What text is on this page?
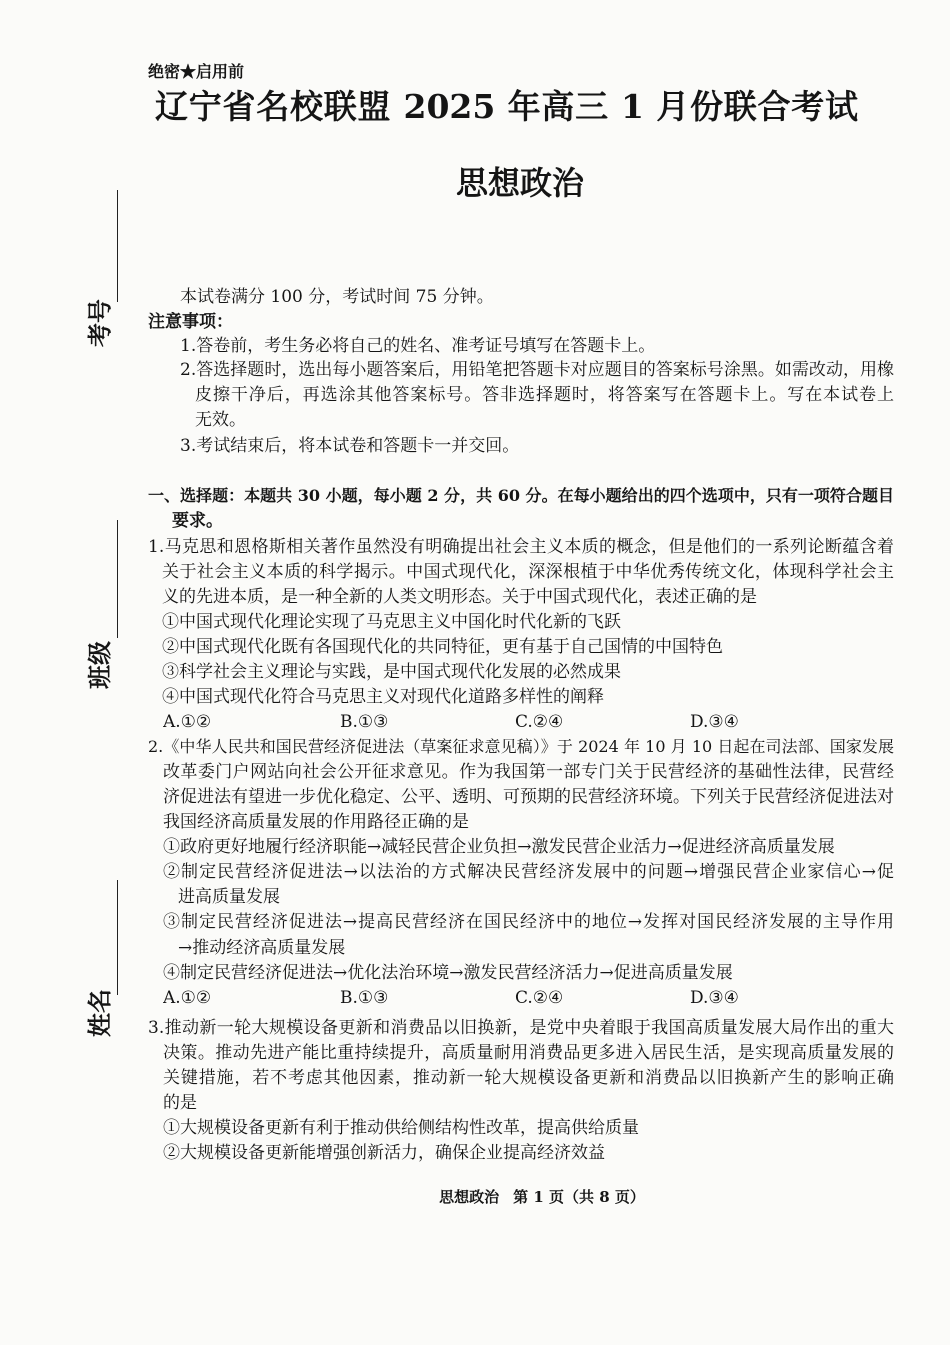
绝密★启用前
辽宁省名校联盟 2025 年高三 1 月份联合考试
思想政治
考号
班级
姓名
本试卷满分 100 分，考试时间 75 分钟。
注意事项：
1.答卷前，考生务必将自己的姓名、准考证号填写在答题卡上。
2.答选择题时，选出每小题答案后，用铅笔把答题卡对应题目的答案标号涂黑。如需改动，用橡
皮擦干净后，再选涂其他答案标号。答非选择题时，将答案写在答题卡上。写在本试卷上
无效。
3.考试结束后，将本试卷和答题卡一并交回。
一、选择题：本题共 30 小题，每小题 2 分，共 60 分。在每小题给出的四个选项中，只有一项符合题目
要求。
1.马克思和恩格斯相关著作虽然没有明确提出社会主义本质的概念，但是他们的一系列论断蕴含着
关于社会主义本质的科学揭示。中国式现代化，深深根植于中华优秀传统文化，体现科学社会主
义的先进本质，是一种全新的人类文明形态。关于中国式现代化，表述正确的是
①中国式现代化理论实现了马克思主义中国化时代化新的飞跃
②中国式现代化既有各国现代化的共同特征，更有基于自己国情的中国特色
③科学社会主义理论与实践，是中国式现代化发展的必然成果
④中国式现代化符合马克思主义对现代化道路多样性的阐释
A.①②	B.①③	C.②④	D.③④
2.《中华人民共和国民营经济促进法（草案征求意见稿）》于 2024 年 10 月 10 日起在司法部、国家发展
改革委门户网站向社会公开征求意见。作为我国第一部专门关于民营经济的基础性法律，民营经
济促进法有望进一步优化稳定、公平、透明、可预期的民营经济环境。下列关于民营经济促进法对
我国经济高质量发展的作用路径正确的是
①政府更好地履行经济职能→减轻民营企业负担→激发民营企业活力→促进经济高质量发展
②制定民营经济促进法→以法治的方式解决民营经济发展中的问题→增强民营企业家信心→促
进高质量发展
③制定民营经济促进法→提高民营经济在国民经济中的地位→发挥对国民经济发展的主导作用
→推动经济高质量发展
④制定民营经济促进法→优化法治环境→激发民营经济活力→促进高质量发展
A.①②	B.①③	C.②④	D.③④
3.推动新一轮大规模设备更新和消费品以旧换新，是党中央着眼于我国高质量发展大局作出的重大
决策。推动先进产能比重持续提升，高质量耐用消费品更多进入居民生活，是实现高质量发展的
关键措施，若不考虑其他因素，推动新一轮大规模设备更新和消费品以旧换新产生的影响正确
的是
①大规模设备更新有利于推动供给侧结构性改革，提高供给质量
②大规模设备更新能增强创新活力，确保企业提高经济效益
思想政治 第 1 页（共 8 页）
